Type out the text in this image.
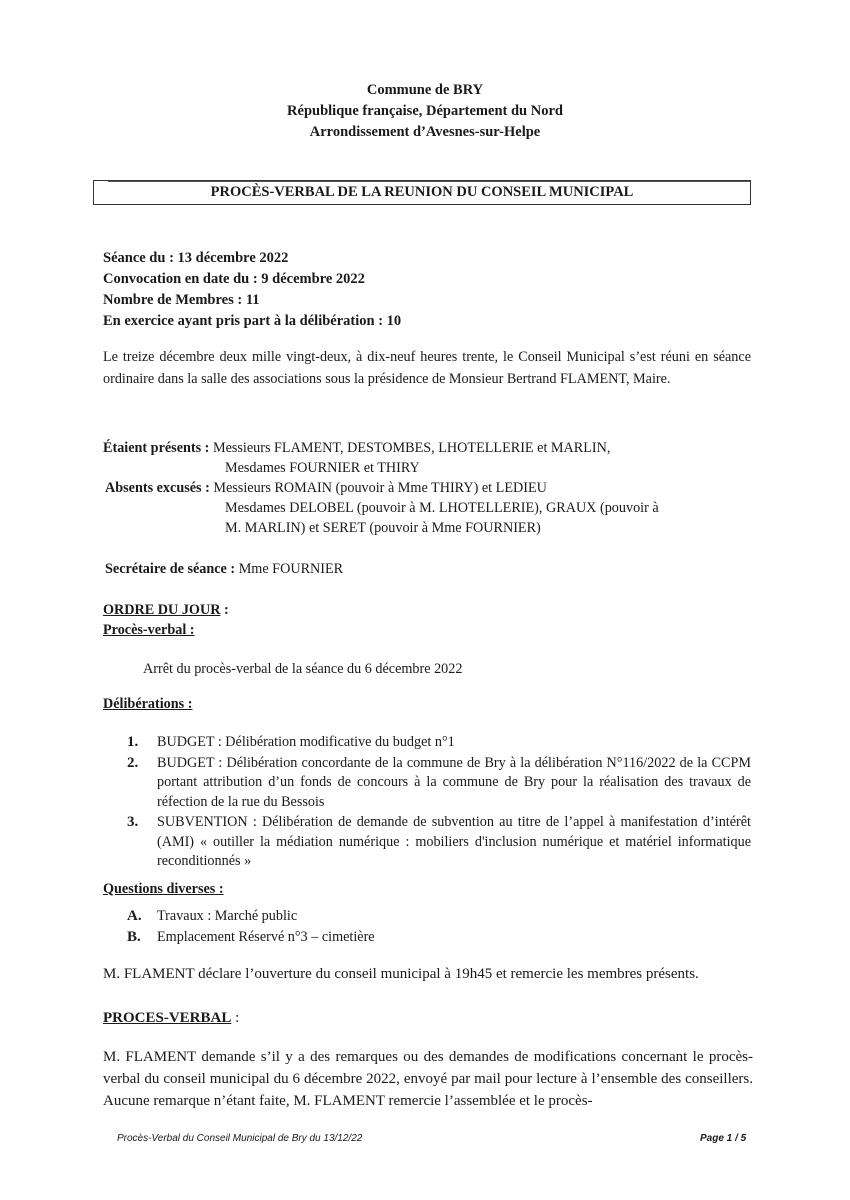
Commune de BRY
République française, Département du Nord
Arrondissement d’Avesnes-sur-Helpe
PROCÈS-VERBAL DE LA REUNION DU CONSEIL MUNICIPAL
Séance du : 13 décembre 2022
Convocation en date du : 9 décembre 2022
Nombre de Membres : 11
En exercice ayant pris part à la délibération : 10
Le treize décembre deux mille vingt-deux, à dix-neuf heures trente, le Conseil Municipal s’est réuni en séance ordinaire dans la salle des associations sous la présidence de Monsieur Bertrand FLAMENT, Maire.
Étaient présents :
Messieurs FLAMENT, DESTOMBES, LHOTELLERIE et MARLIN,
Mesdames FOURNIER et THIRY
Absents excusés :
Messieurs ROMAIN (pouvoir à Mme THIRY) et LEDIEU
Mesdames DELOBEL (pouvoir à M. LHOTELLERIE), GRAUX (pouvoir à
M. MARLIN) et SERET (pouvoir à Mme FOURNIER)
Secrétaire de séance : Mme FOURNIER
ORDRE DU JOUR :
Procès-verbal :
Arrêt du procès-verbal de la séance du 6 décembre 2022
Délibérations :
1.	BUDGET : Délibération modificative du budget n°1
2.	BUDGET : Délibération concordante de la commune de Bry à la délibération N°116/2022 de la CCPM portant attribution d’un fonds de concours à la commune de Bry pour la réalisation des travaux de réfection de la rue du Bessois
3.	SUBVENTION : Délibération de demande de subvention au titre de l’appel à manifestation d’intérêt (AMI) « outiller la médiation numérique : mobiliers d'inclusion numérique et matériel informatique reconditionnés »
Questions diverses :
A.	Travaux : Marché public
B.	Emplacement Réservé n°3 – cimetière
M. FLAMENT déclare l’ouverture du conseil municipal à 19h45 et remercie les membres présents.
PROCES-VERBAL :
M. FLAMENT demande s’il y a des remarques ou des demandes de modifications concernant le procès-verbal du conseil municipal du 6 décembre 2022, envoyé par mail pour lecture à l’ensemble des conseillers. Aucune remarque n’étant faite, M. FLAMENT remercie l’assemblée et le procès-
Procès-Verbal du Conseil Municipal de Bry du 13/12/22	Page 1 / 5
